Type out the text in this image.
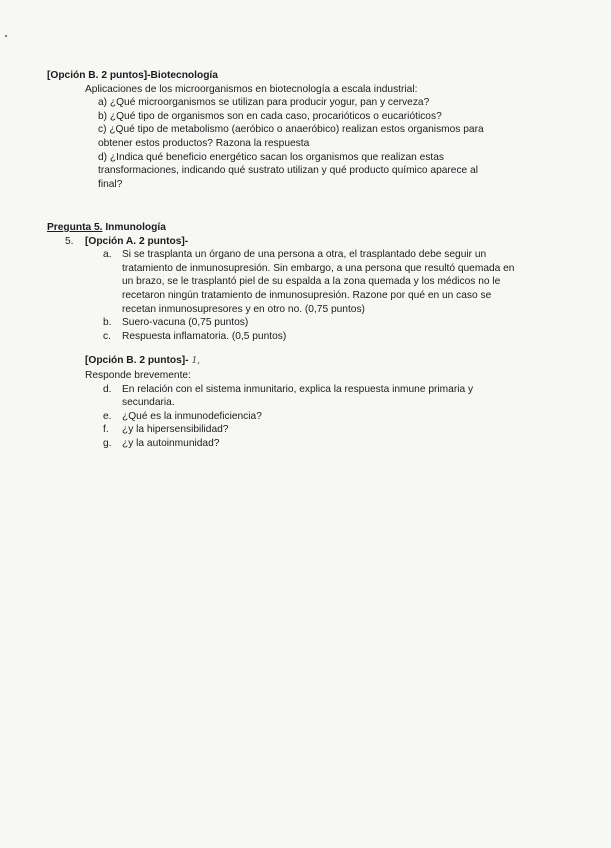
[Opción B. 2 puntos]-Biotecnología
Aplicaciones de los microorganismos en biotecnología a escala industrial:
a) ¿Qué microorganismos se utilizan para producir yogur, pan y cerveza?
b) ¿Qué tipo de organismos son en cada caso, procarióticos o eucarióticos?
c) ¿Qué tipo de metabolismo (aeróbico o anaeróbico) realizan estos organismos para
obtener estos productos? Razona la respuesta
d) ¿Indica qué beneficio energético sacan los organismos que realizan estas
transformaciones, indicando qué sustrato utilizan y qué producto químico aparece al
final?
Pregunta 5. Inmunología
5.	[Opción A. 2 puntos]-
a.	Si se trasplanta un órgano de una persona a otra, el trasplantado debe seguir un
tratamiento de inmunosupresión. Sin embargo, a una persona que resultó quemada en
un brazo, se le trasplantó piel de su espalda a la zona quemada y los médicos no le
recetaron ningún tratamiento de inmunosupresión. Razone por qué en un caso se
recetan inmunosupresores y en otro no. (0,75 puntos)
b.	Suero-vacuna (0,75 puntos)
c.	Respuesta inflamatoria. (0,5 puntos)
[Opción B. 2 puntos]- 1,
Responde brevemente:
d.	En relación con el sistema inmunitario, explica la respuesta inmune primaria y
secundaria.
e.	¿Qué es la inmunodeficiencia?
f.	¿y la hipersensibilidad?
g.	¿y la autoinmunidad?
